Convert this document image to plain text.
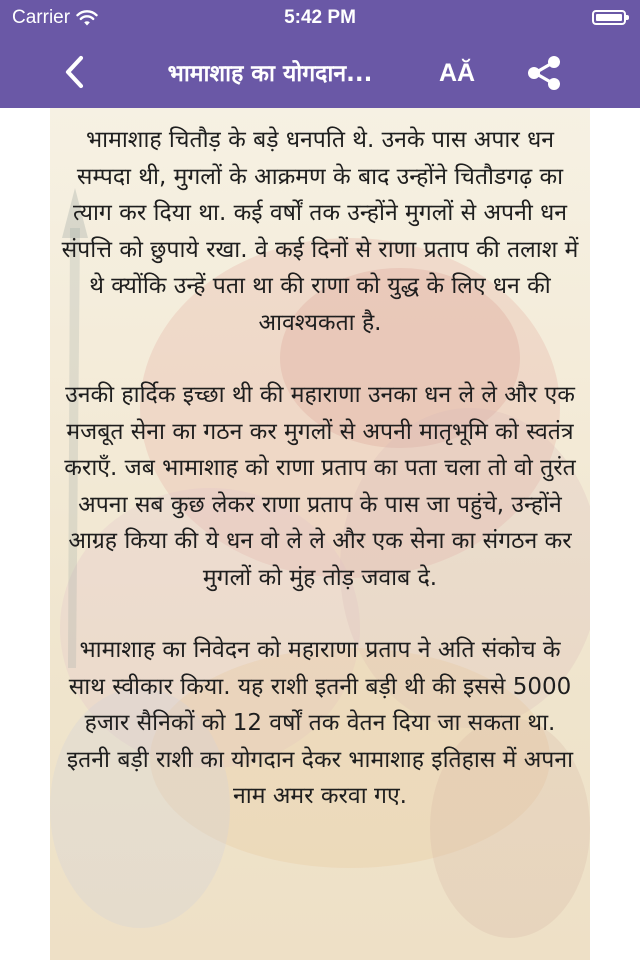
Carrier	5:42 PM
भामाशाह का योगदान...	AĂ

भामाशाह चितौड़ के बड़े धनपति थे. उनके पास अपार धन सम्पदा थी, मुगलों के आक्रमण के बाद उन्होंने चितौडगढ़ का त्याग कर दिया था. कई वर्षों तक उन्होंने मुगलों से अपनी धन संपत्ति को छुपाये रखा. वे कई दिनों से राणा प्रताप की तलाश में थे क्योंकि उन्हें पता था की राणा को युद्ध के लिए धन की आवश्यकता है.

उनकी हार्दिक इच्छा थी की महाराणा उनका धन ले ले और एक मजबूत सेना का गठन कर मुगलों से अपनी मातृभूमि को स्वतंत्र कराएँ. जब भामाशाह को राणा प्रताप का पता चला तो वो तुरंत अपना सब कुछ लेकर राणा प्रताप के पास जा पहुंचे, उन्होंने आग्रह किया की ये धन वो ले ले और एक सेना का संगठन कर मुगलों को मुंह तोड़ जवाब दे.

भामाशाह का निवेदन को महाराणा प्रताप ने अति संकोच के साथ स्वीकार किया. यह राशी इतनी बड़ी थी की इससे 5000 हजार सैनिकों को 12 वर्षों तक वेतन दिया जा सकता था. इतनी बड़ी राशी का योगदान देकर भामाशाह इतिहास में अपना नाम अमर करवा गए.
